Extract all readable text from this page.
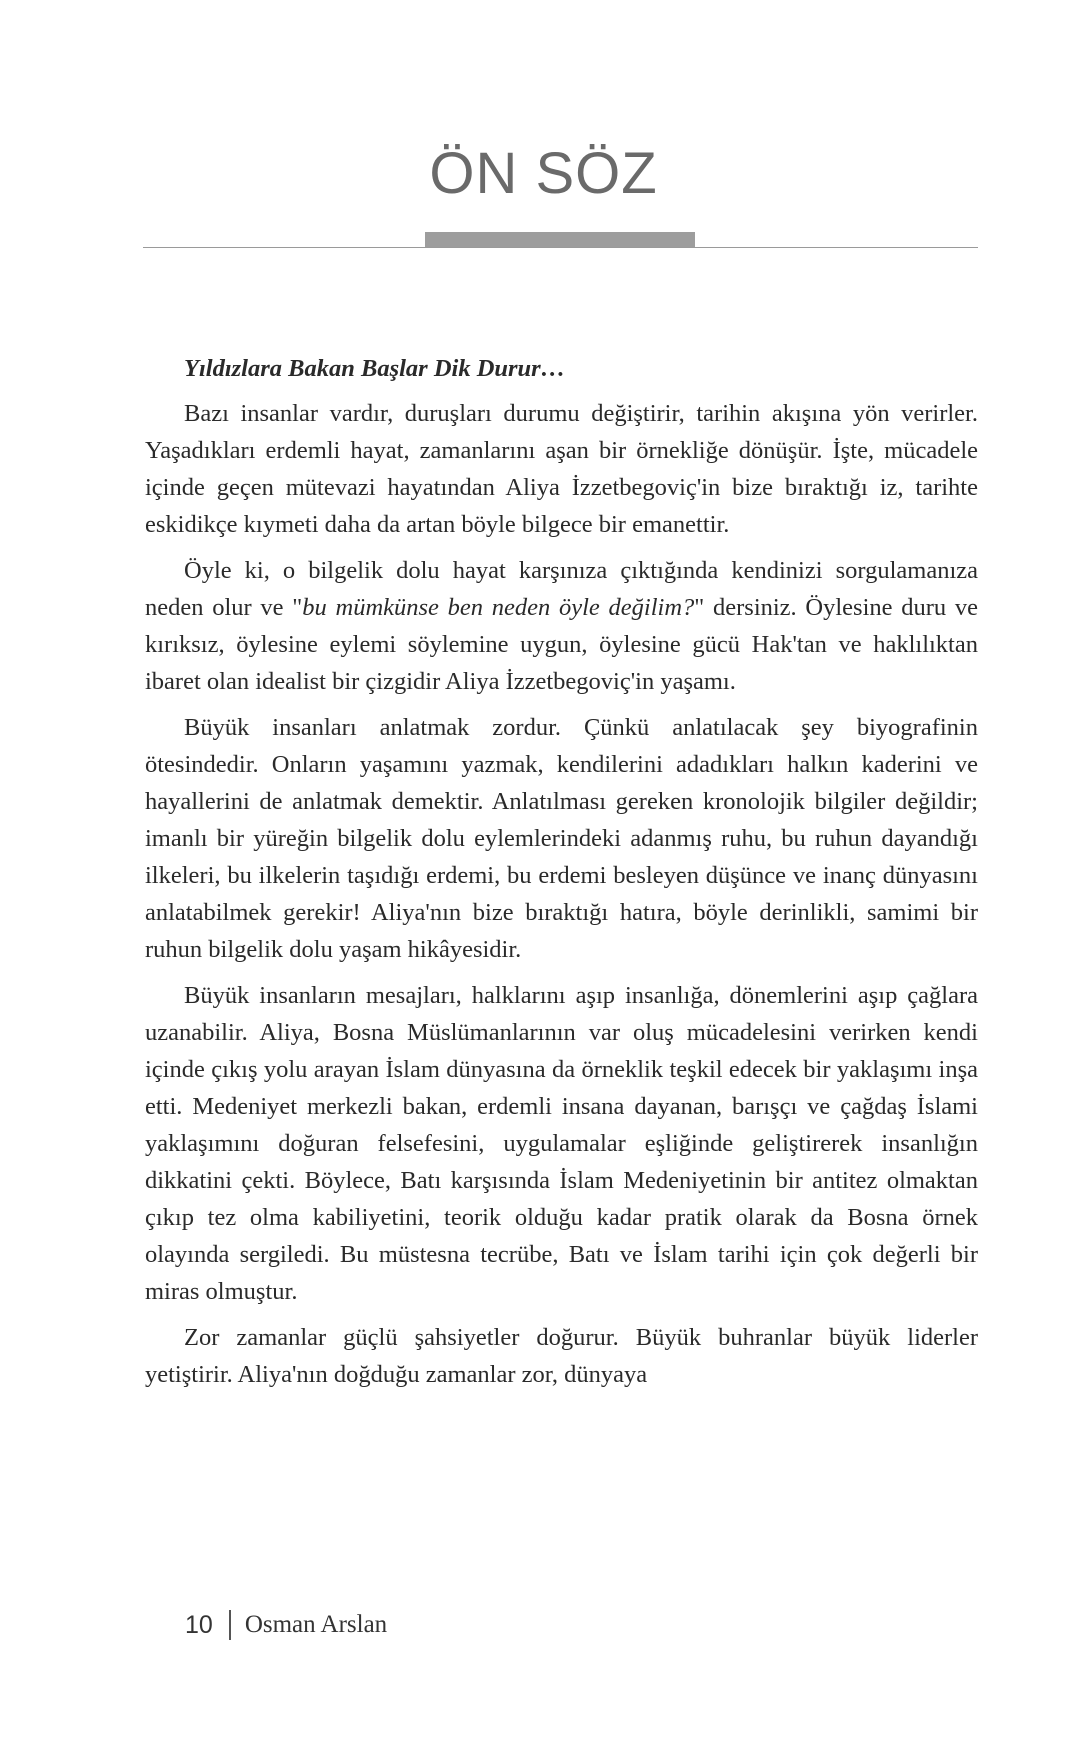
ÖN SÖZ

Yıldızlara Bakan Başlar Dik Durur…

Bazı insanlar vardır, duruşları durumu değiştirir, tarihin akışına yön verirler. Yaşadıkları erdemli hayat, zamanlarını aşan bir örnekliğe dönüşür. İşte, mücadele içinde geçen mütevazi hayatından Aliya İzzetbegoviç'in bize bıraktığı iz, tarihte eskidikçe kıymeti daha da artan böyle bilgece bir emanettir.

Öyle ki, o bilgelik dolu hayat karşınıza çıktığında kendinizi sorgulamanıza neden olur ve "bu mümkünse ben neden öyle değilim?" dersiniz. Öylesine duru ve kırıksız, öylesine eylemi söylemine uygun, öylesine gücü Hak'tan ve haklılıktan ibaret olan idealist bir çizgidir Aliya İzzetbegoviç'in yaşamı.

Büyük insanları anlatmak zordur. Çünkü anlatılacak şey biyografinin ötesindedir. Onların yaşamını yazmak, kendilerini adadıkları halkın kaderini ve hayallerini de anlatmak demektir. Anlatılması gereken kronolojik bilgiler değildir; imanlı bir yüreğin bilgelik dolu eylemlerindeki adanmış ruhu, bu ruhun dayandığı ilkeleri, bu ilkelerin taşıdığı erdemi, bu erdemi besleyen düşünce ve inanç dünyasını anlatabilmek gerekir! Aliya'nın bize bıraktığı hatıra, böyle derinlikli, samimi bir ruhun bilgelik dolu yaşam hikâyesidir.

Büyük insanların mesajları, halklarını aşıp insanlığa, dönemlerini aşıp çağlara uzanabilir. Aliya, Bosna Müslümanlarının var oluş mücadelesini verirken kendi içinde çıkış yolu arayan İslam dünyasına da örneklik teşkil edecek bir yaklaşımı inşa etti. Medeniyet merkezli bakan, erdemli insana dayanan, barışçı ve çağdaş İslami yaklaşımını doğuran felsefesini, uygulamalar eşliğinde geliştirerek insanlığın dikkatini çekti. Böylece, Batı karşısında İslam Medeniyetinin bir antitez olmaktan çıkıp tez olma kabiliyetini, teorik olduğu kadar pratik olarak da Bosna örnek olayında sergiledi. Bu müstesna tecrübe, Batı ve İslam tarihi için çok değerli bir miras olmuştur.

Zor zamanlar güçlü şahsiyetler doğurur. Büyük buhranlar büyük liderler yetiştirir. Aliya'nın doğduğu zamanlar zor, dünyaya

10 Osman Arslan
